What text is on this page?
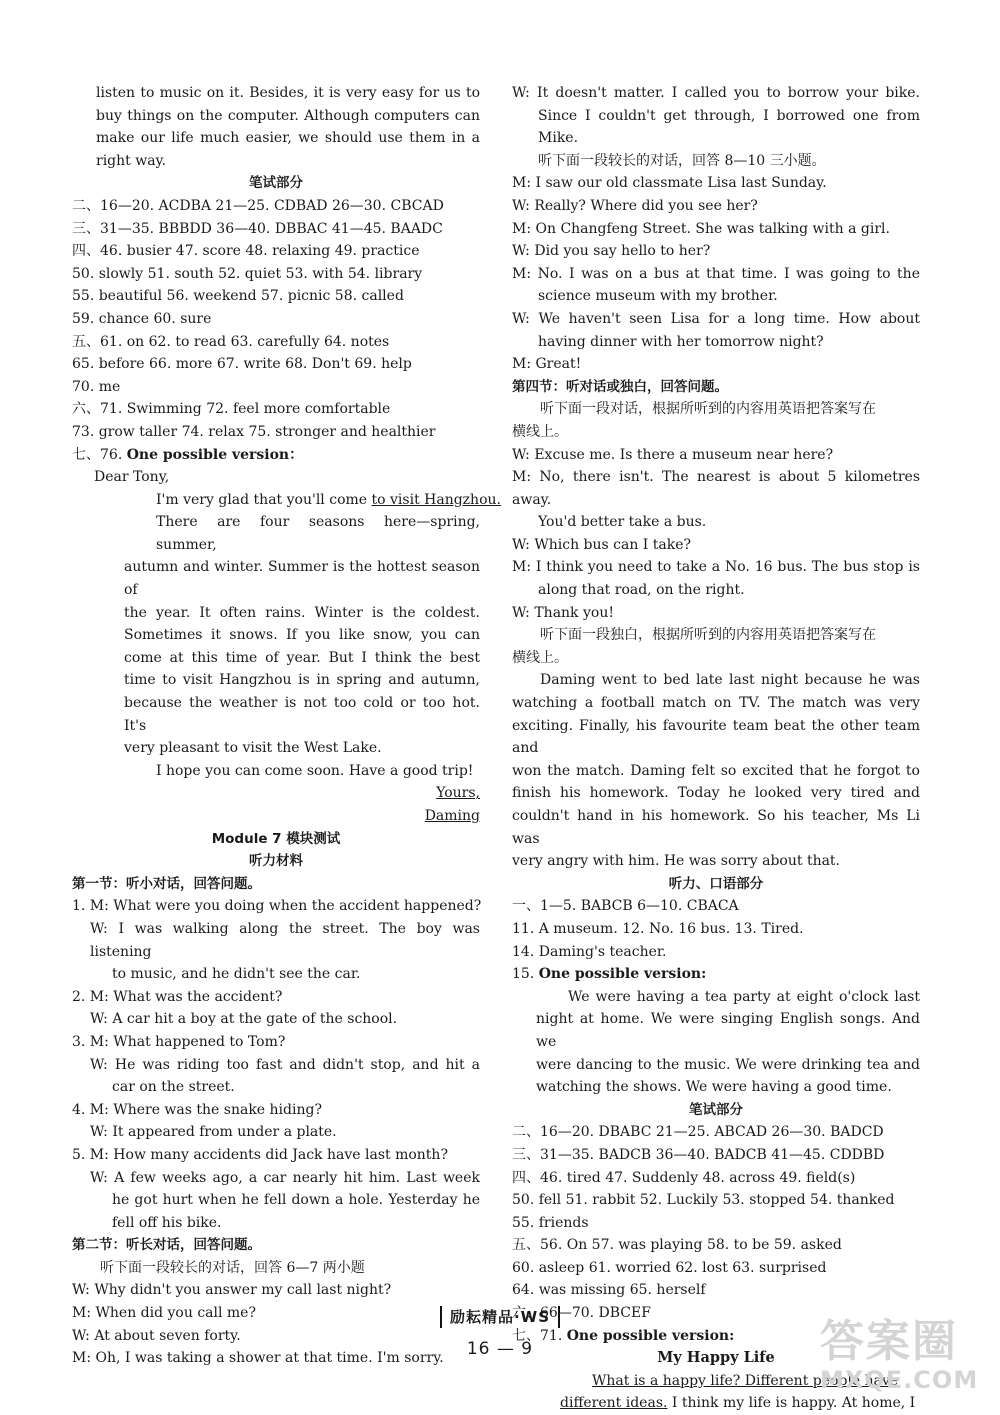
listen to music on it. Besides, it is very easy for us to
buy things on the computer. Although computers can
make our life much easier, we should use them in a
right way.
笔试部分
二、16—20. ACDBA 21—25. CDBAD 26—30. CBCAD
三、31—35. BBBDD 36—40. DBBAC 41—45. BAADC
四、46. busier 47. score 48. relaxing 49. practice
50. slowly 51. south 52. quiet 53. with 54. library
55. beautiful 56. weekend 57. picnic 58. called
59. chance 60. sure
五、61. on 62. to read 63. carefully 64. notes
65. before 66. more 67. write 68. Don't 69. help
70. me
六、71. Swimming 72. feel more comfortable
73. grow taller 74. relax 75. stronger and healthier
七、76. One possible version：
Dear Tony,
I'm very glad that you'll come to visit Hangzhou.
There are four seasons here—spring, summer,
autumn and winter. Summer is the hottest season of
the year. It often rains. Winter is the coldest.
Sometimes it snows. If you like snow, you can
come at this time of year. But I think the best
time to visit Hangzhou is in spring and autumn,
because the weather is not too cold or too hot. It's
very pleasant to visit the West Lake.
I hope you can come soon. Have a good trip!
Yours,
Daming
Module 7 模块测试
听力材料
第一节：听小对话，回答问题。
1. M: What were you doing when the accident happened?
W: I was walking along the street. The boy was listening
to music, and he didn't see the car.
2. M: What was the accident?
W: A car hit a boy at the gate of the school.
3. M: What happened to Tom?
W: He was riding too fast and didn't stop, and hit a
car on the street.
4. M: Where was the snake hiding?
W: It appeared from under a plate.
5. M: How many accidents did Jack have last month?
W: A few weeks ago, a car nearly hit him. Last week
he got hurt when he fell down a hole. Yesterday he
fell off his bike.
第二节：听长对话，回答问题。
听下面一段较长的对话，回答 6—7 两小题
W: Why didn't you answer my call last night?
M: When did you call me?
W: At about seven forty.
M: Oh, I was taking a shower at that time. I'm sorry.
W: It doesn't matter. I called you to borrow your bike.
Since I couldn't get through, I borrowed one from Mike.
听下面一段较长的对话，回答 8—10 三小题。
M: I saw our old classmate Lisa last Sunday.
W: Really? Where did you see her?
M: On Changfeng Street. She was talking with a girl.
W: Did you say hello to her?
M: No. I was on a bus at that time. I was going to the
science museum with my brother.
W: We haven't seen Lisa for a long time. How about
having dinner with her tomorrow night?
M: Great!
第四节：听对话或独白，回答问题。
听下面一段对话，根据所听到的内容用英语把答案写在
横线上。
W: Excuse me. Is there a museum near here?
M: No, there isn't. The nearest is about 5 kilometres away.
You'd better take a bus.
W: Which bus can I take?
M: I think you need to take a No. 16 bus. The bus stop is
along that road, on the right.
W: Thank you!
听下面一段独白，根据所听到的内容用英语把答案写在
横线上。
Daming went to bed late last night because he was
watching a football match on TV. The match was very
exciting. Finally, his favourite team beat the other team and
won the match. Daming felt so excited that he forgot to
finish his homework. Today he looked very tired and
couldn't hand in his homework. So his teacher, Ms Li was
very angry with him. He was sorry about that.
听力、口语部分
一、1—5. BABCB 6—10. CBACA
11. A museum. 12. No. 16 bus. 13. Tired.
14. Daming's teacher.
15. One possible version:
We were having a tea party at eight o'clock last
night at home. We were singing English songs. And we
were dancing to the music. We were drinking tea and
watching the shows. We were having a good time.
笔试部分
二、16—20. DBABC 21—25. ABCAD 26—30. BADCD
三、31—35. BADCB 36—40. BADCB 41—45. CDDBD
四、46. tired 47. Suddenly 48. across 49. field(s)
50. fell 51. rabbit 52. Luckily 53. stopped 54. thanked
55. friends
五、56. On 57. was playing 58. to be 59. asked
60. asleep 61. worried 62. lost 63. surprised
64. was missing 65. herself
六、66—70. DBCEF
七、71. One possible version:
My Happy Life
What is a happy life? Different people have
different ideas. I think my life is happy. At home, I
励耘精品·WS
16 — 9	答案圈
MXQE.COM
